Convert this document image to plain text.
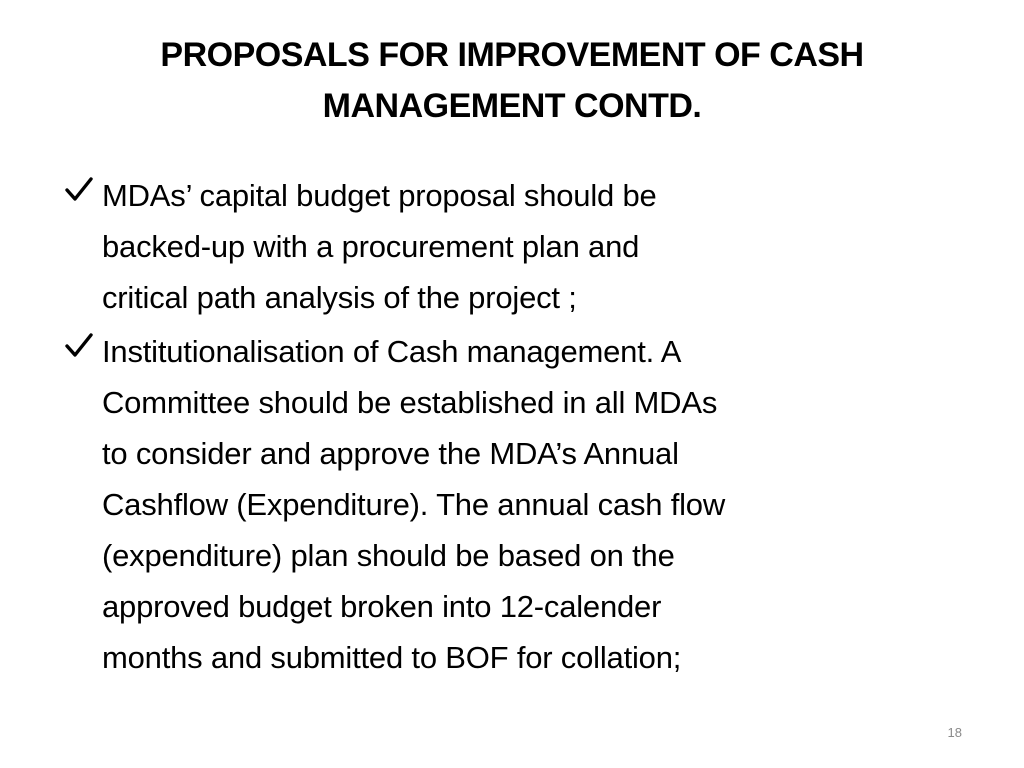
PROPOSALS FOR IMPROVEMENT OF CASH
MANAGEMENT CONTD.
MDAs’ capital budget proposal should be
backed-up with a procurement plan and
critical path analysis of the project ;
Institutionalisation of Cash management. A
Committee should be established in all MDAs
to consider and approve the MDA’s Annual
Cashflow (Expenditure). The annual cash flow
(expenditure) plan should be based on the
approved budget broken into 12-calender
months and submitted to BOF for collation;
18
